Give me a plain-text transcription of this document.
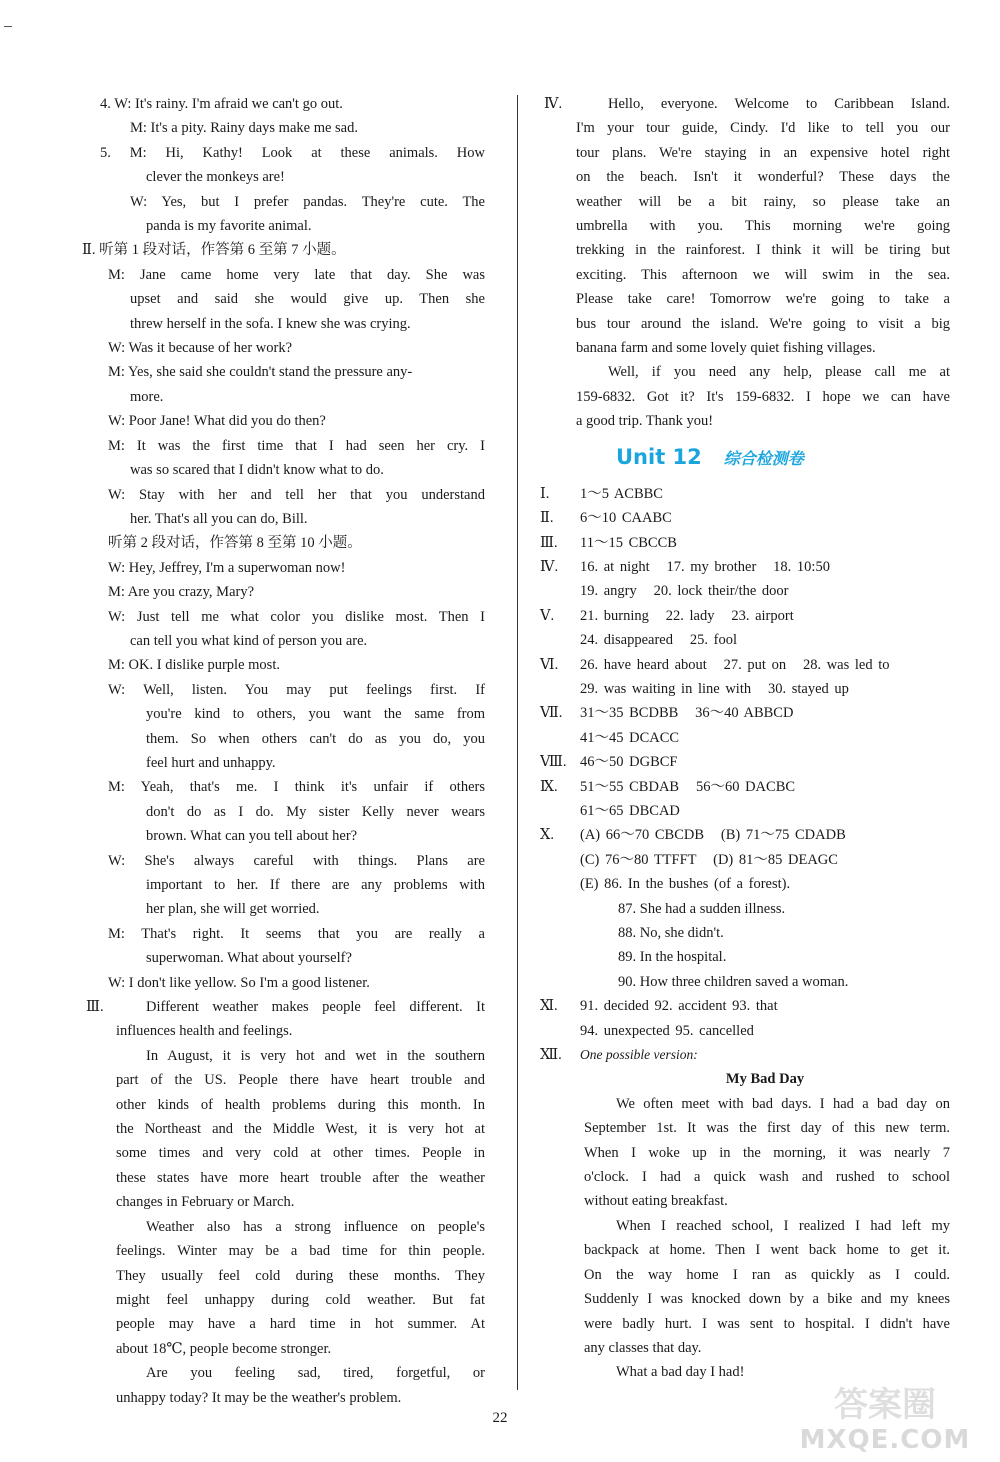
4. W: It's rainy. I'm afraid we can't go out.
M: It's a pity. Rainy days make me sad.
5. M: Hi, Kathy! Look at these animals. How
clever the monkeys are!
W: Yes, but I prefer pandas. They're cute. The
panda is my favorite animal.
Ⅱ. 听第 1 段对话，作答第 6 至第 7 小题。
M: Jane came home very late that day. She was
upset and said she would give up. Then she
threw herself in the sofa. I knew she was crying.
W: Was it because of her work?
M: Yes, she said she couldn't stand the pressure any-
more.
W: Poor Jane! What did you do then?
M: It was the first time that I had seen her cry. I
was so scared that I didn't know what to do.
W: Stay with her and tell her that you understand
her. That's all you can do, Bill.
听第 2 段对话，作答第 8 至第 10 小题。
W: Hey, Jeffrey, I'm a superwoman now!
M: Are you crazy, Mary?
W: Just tell me what color you dislike most. Then I
can tell you what kind of person you are.
M: OK. I dislike purple most.
W: Well, listen. You may put feelings first. If
you're kind to others, you want the same from
them. So when others can't do as you do, you
feel hurt and unhappy.
M: Yeah, that's me. I think it's unfair if others
don't do as I do. My sister Kelly never wears
brown. What can you tell about her?
W: She's always careful with things. Plans are
important to her. If there are any problems with
her plan, she will get worried.
M: That's right. It seems that you are really a
superwoman. What about yourself?
W: I don't like yellow. So I'm a good listener.
Ⅲ.	Different weather makes people feel different. It
influences health and feelings.
In August, it is very hot and wet in the southern
part of the US. People there have heart trouble and
other kinds of health problems during this month. In
the Northeast and the Middle West, it is very hot at
some times and very cold at other times. People in
these states have more heart trouble after the weather
changes in February or March.
Weather also has a strong influence on people's
feelings. Winter may be a bad time for thin people.
They usually feel cold during these months. They
might feel unhappy during cold weather. But fat
people may have a hard time in hot summer. At
about 18℃, people become stronger.
Are you feeling sad, tired, forgetful, or
unhappy today? It may be the weather's problem.
Ⅳ.	Hello, everyone. Welcome to Caribbean Island.
I'm your tour guide, Cindy. I'd like to tell you our
tour plans. We're staying in an expensive hotel right
on the beach. Isn't it wonderful? These days the
weather will be a bit rainy, so please take an
umbrella with you. This morning we're going
trekking in the rainforest. I think it will be tiring but
exciting. This afternoon we will swim in the sea.
Please take care! Tomorrow we're going to take a
bus tour around the island. We're going to visit a big
banana farm and some lovely quiet fishing villages.
Well, if you need any help, please call me at
159-6832. Got it? It's 159-6832. I hope we can have
a good trip. Thank you!
Unit 12 综合检测卷
Ⅰ.	1～5 ACBBC
Ⅱ.	6～10 CAABC
Ⅲ.	11～15 CBCCB
Ⅳ.	16. at night   17. my brother   18. 10:50
19. angry   20. lock their/the door
Ⅴ.	21. burning   22. lady   23. airport
24. disappeared   25. fool
Ⅵ.	26. have heard about   27. put on   28. was led to
29. was waiting in line with   30. stayed up
Ⅶ.	31～35 BCDBB   36～40 ABBCD
41～45 DCACC
Ⅷ. 46～50 DGBCF
Ⅸ.	51～55 CBDAB   56～60 DACBC
61～65 DBCAD
Ⅹ.	(A) 66～70 CBCDB   (B) 71～75 CDADB
(C) 76～80 TTFFT   (D) 81～85 DEAGC
(E) 86. In the bushes (of a forest).
87. She had a sudden illness.
88. No, she didn't.
89. In the hospital.
90. How three children saved a woman.
Ⅺ.	91. decided 92. accident 93. that
94. unexpected 95. cancelled
Ⅻ.	One possible version:
My Bad Day
We often meet with bad days. I had a bad day on
September 1st. It was the first day of this new term.
When I woke up in the morning, it was nearly 7
o'clock. I had a quick wash and rushed to school
without eating breakfast.
When I reached school, I realized I had left my
backpack at home. Then I went back home to get it.
On the way home I ran as quickly as I could.
Suddenly I was knocked down by a bike and my knees
were badly hurt. I was sent to hospital. I didn't have
any classes that day.
What a bad day I had!
22	答案圈
MXQE.COM
